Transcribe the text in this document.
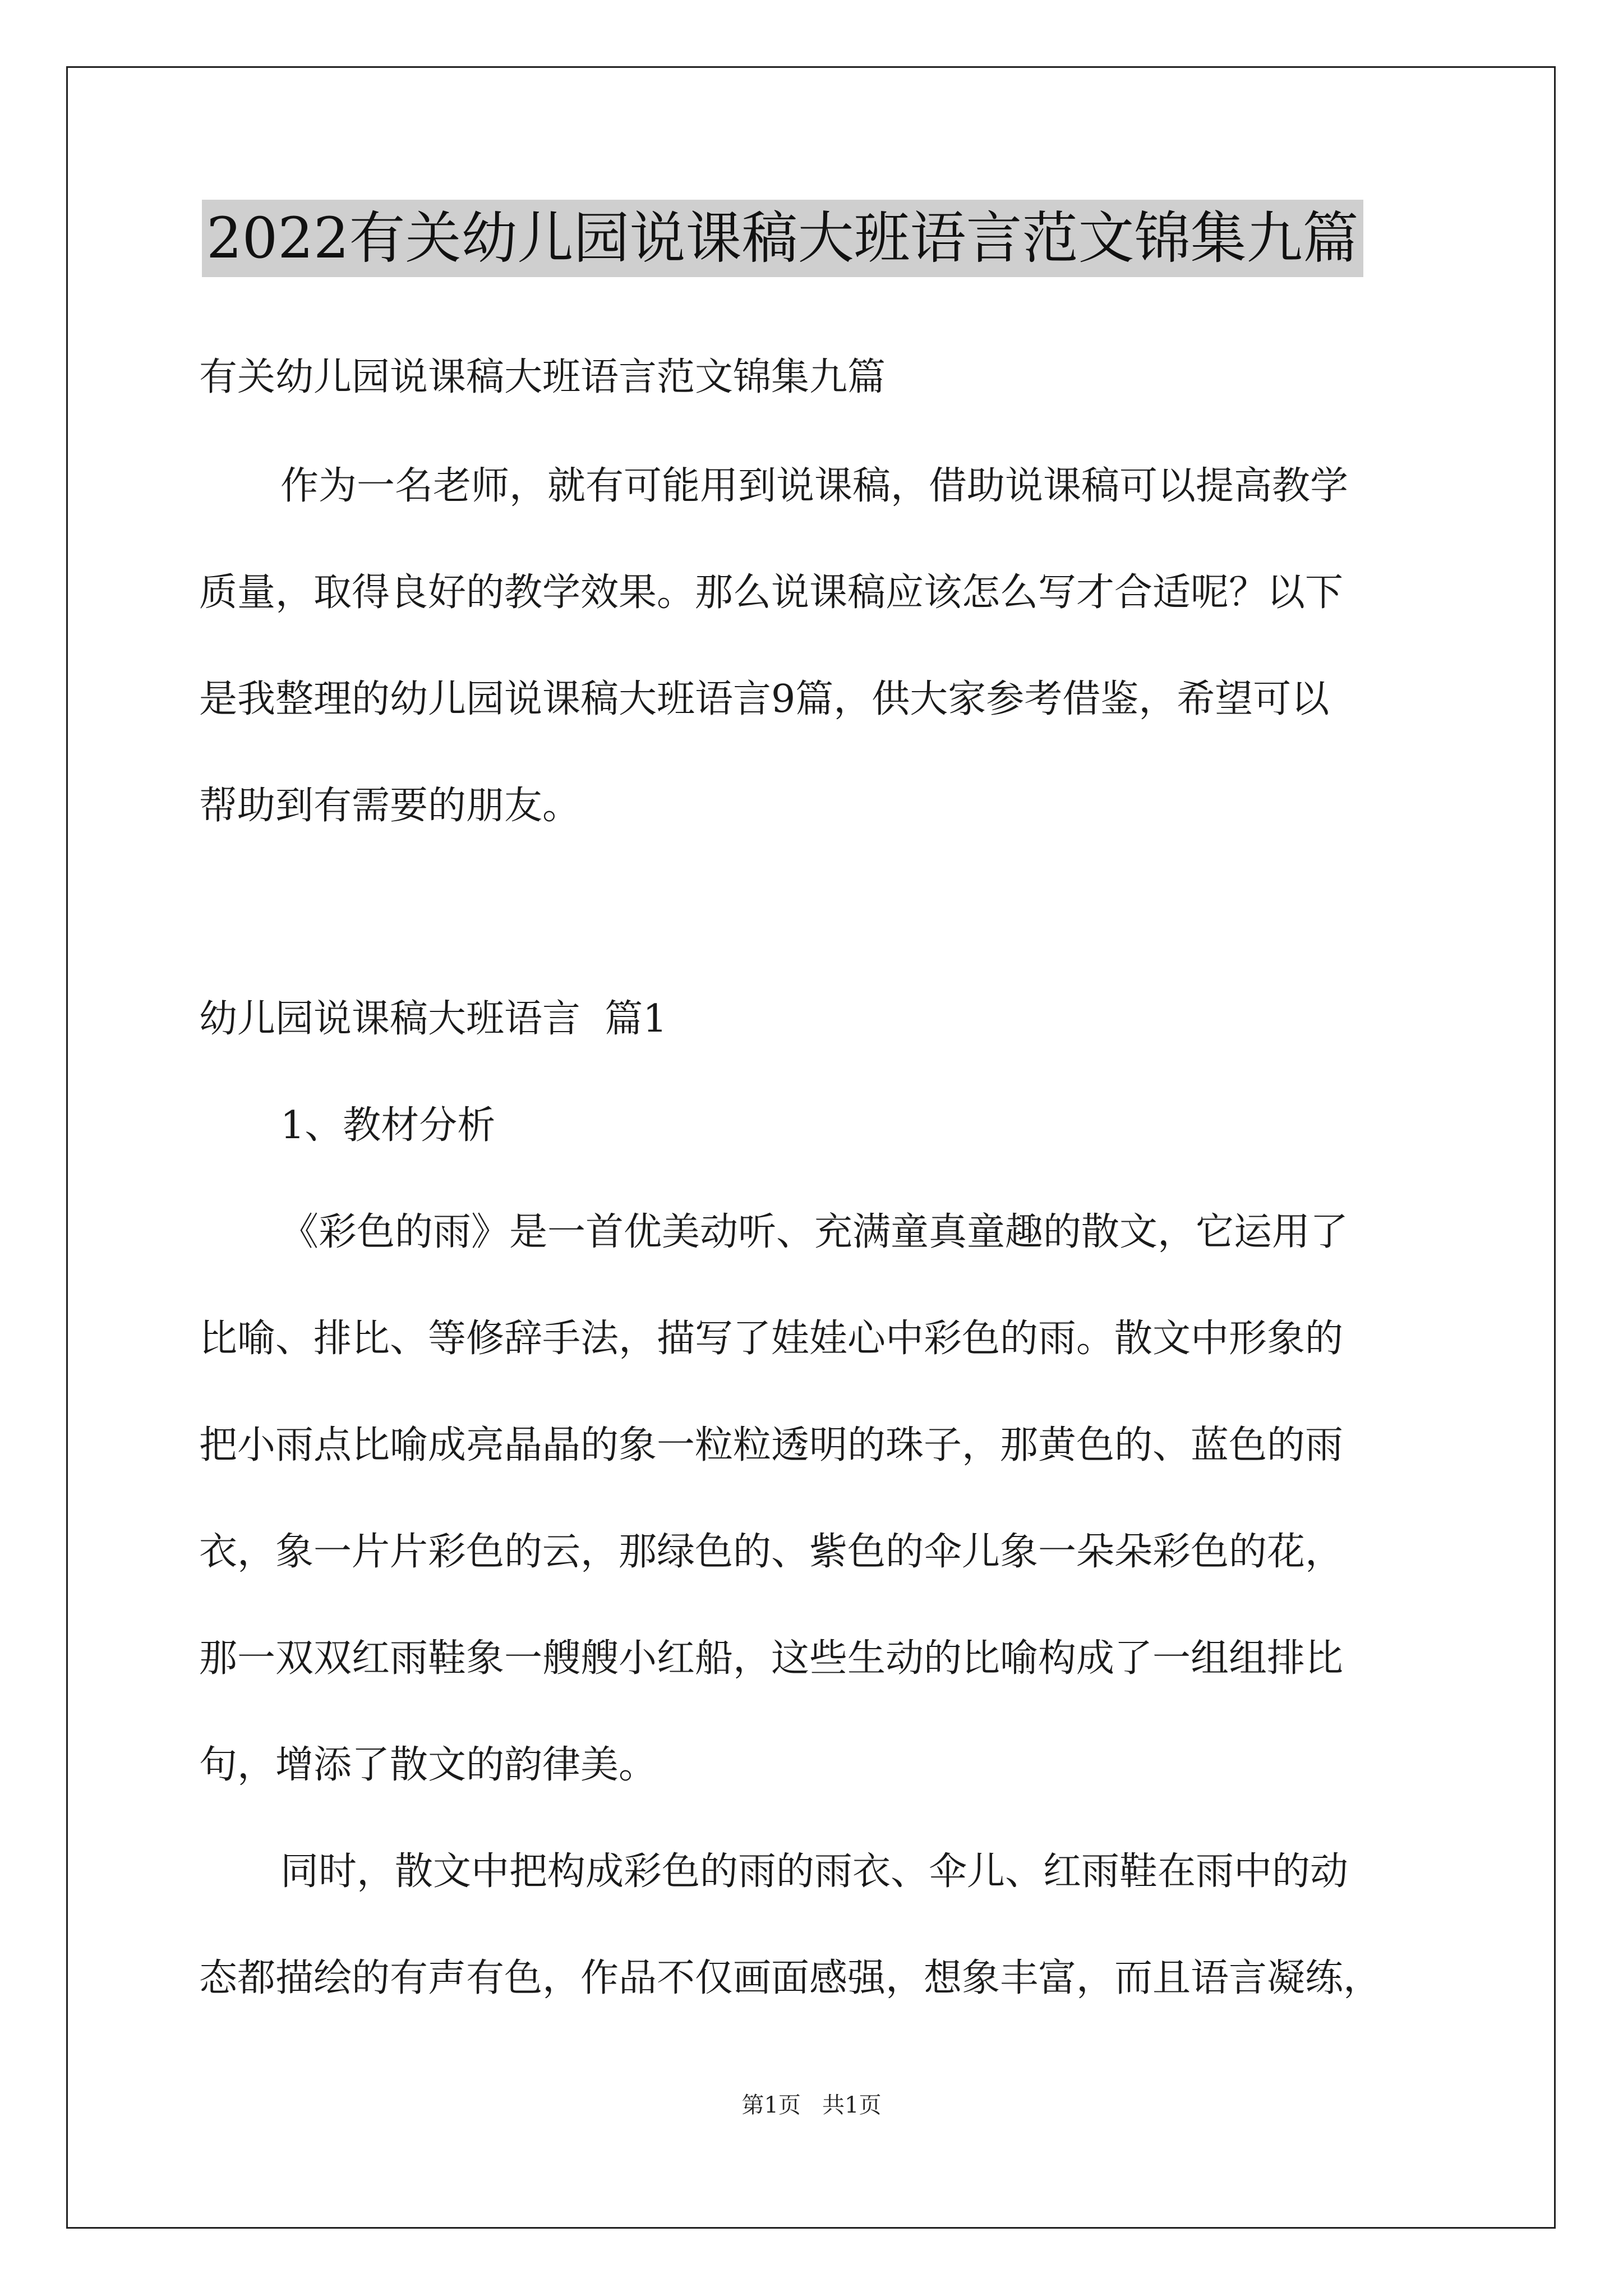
2022有关幼儿园说课稿大班语言范文锦集九篇
有关幼儿园说课稿大班语言范文锦集九篇
作为一名老师，就有可能用到说课稿，借助说课稿可以提高教学
质量，取得良好的教学效果。那么说课稿应该怎么写才合适呢？以下
是我整理的幼儿园说课稿大班语言9篇，供大家参考借鉴，希望可以
帮助到有需要的朋友。
幼儿园说课稿大班语言  篇1
1、教材分析
《彩色的雨》是一首优美动听、充满童真童趣的散文，它运用了
比喻、排比、等修辞手法，描写了娃娃心中彩色的雨。散文中形象的
把小雨点比喻成亮晶晶的象一粒粒透明的珠子，那黄色的、蓝色的雨
衣，象一片片彩色的云，那绿色的、紫色的伞儿象一朵朵彩色的花，
那一双双红雨鞋象一艘艘小红船，这些生动的比喻构成了一组组排比
句，增添了散文的韵律美。
同时，散文中把构成彩色的雨的雨衣、伞儿、红雨鞋在雨中的动
态都描绘的有声有色，作品不仅画面感强，想象丰富，而且语言凝练，
第1页   共1页
